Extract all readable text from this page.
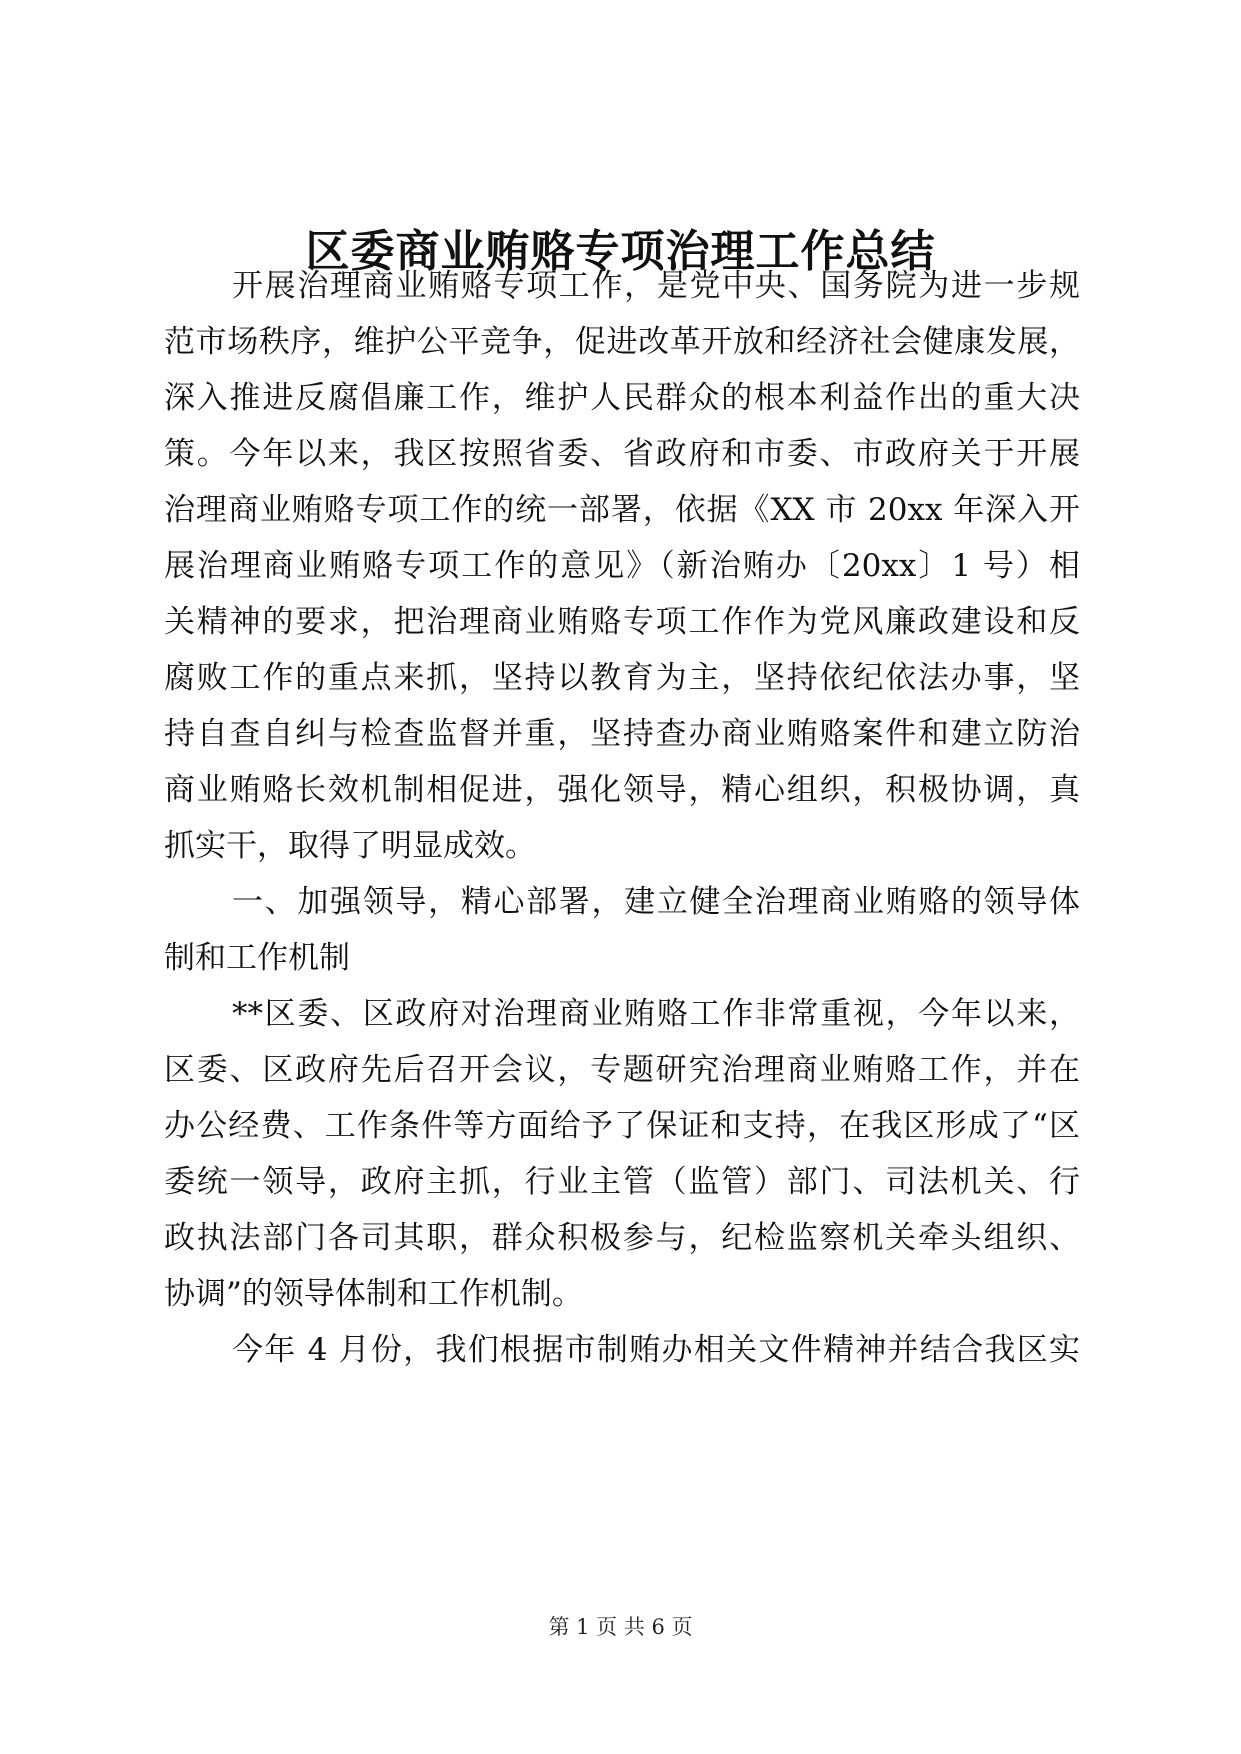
区委商业贿赂专项治理工作总结
开展治理商业贿赂专项工作，是党中央、国务院为进一步规
范市场秩序，维护公平竞争，促进改革开放和经济社会健康发展，
深入推进反腐倡廉工作，维护人民群众的根本利益作出的重大决
策。今年以来，我区按照省委、省政府和市委、市政府关于开展
治理商业贿赂专项工作的统一部署，依据《XX 市 20xx 年深入开
展治理商业贿赂专项工作的意见》（新治贿办〔20xx〕1 号）相
关精神的要求，把治理商业贿赂专项工作作为党风廉政建设和反
腐败工作的重点来抓，坚持以教育为主，坚持依纪依法办事，坚
持自查自纠与检查监督并重，坚持查办商业贿赂案件和建立防治
商业贿赂长效机制相促进，强化领导，精心组织，积极协调，真
抓实干，取得了明显成效。
一、加强领导，精心部署，建立健全治理商业贿赂的领导体
制和工作机制
**区委、区政府对治理商业贿赂工作非常重视，今年以来，
区委、区政府先后召开会议，专题研究治理商业贿赂工作，并在
办公经费、工作条件等方面给予了保证和支持，在我区形成了“区
委统一领导，政府主抓，行业主管（监管）部门、司法机关、行
政执法部门各司其职，群众积极参与，纪检监察机关牵头组织、
协调”的领导体制和工作机制。
今年 4 月份，我们根据市制贿办相关文件精神并结合我区实
第 1 页 共 6 页
